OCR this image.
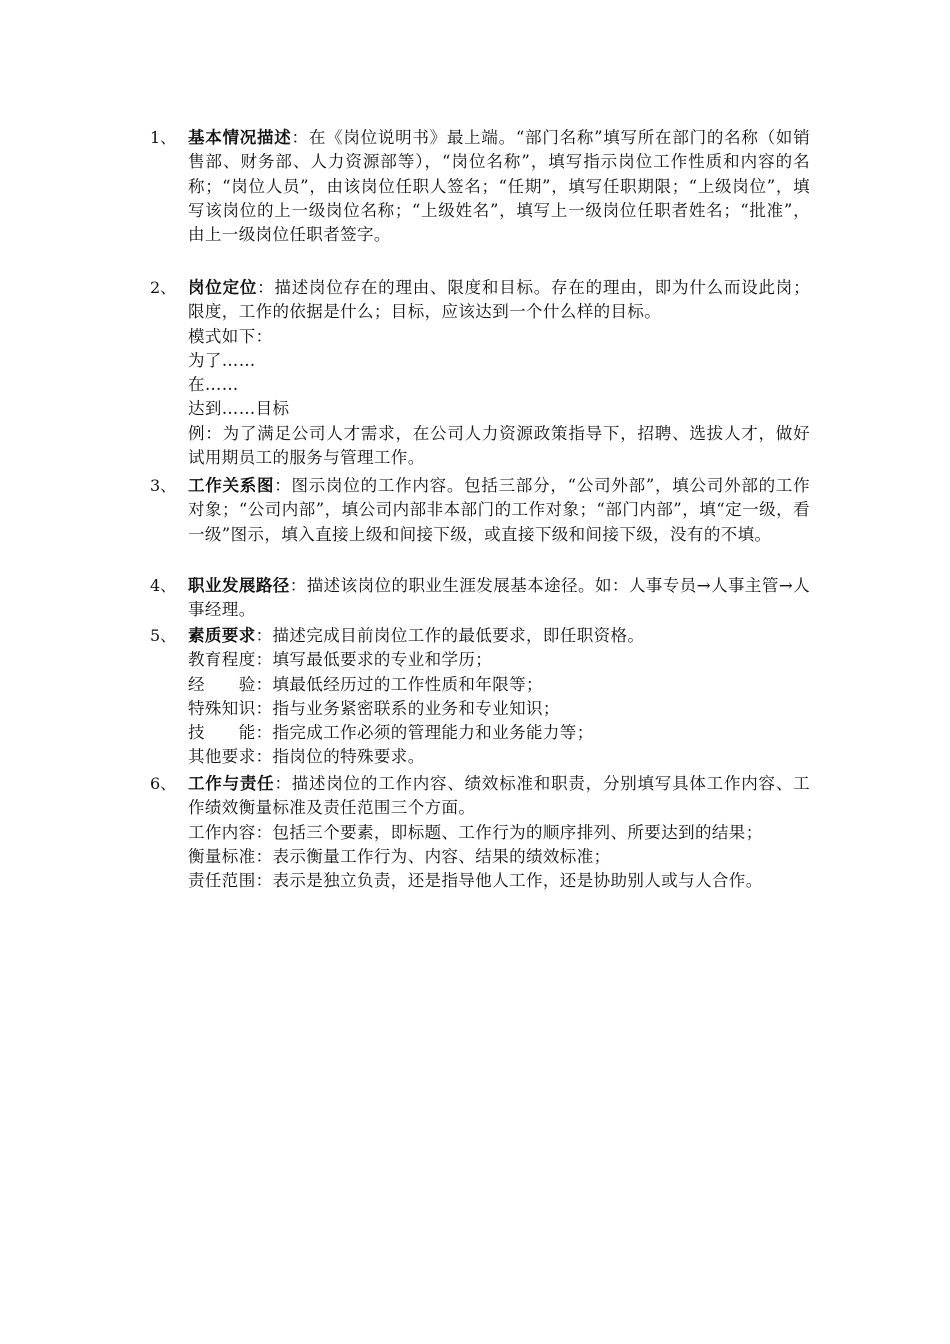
1、 基本情况描述：在《岗位说明书》最上端。“部门名称”填写所在部门的名称（如销售部、财务部、人力资源部等），“岗位名称”，填写指示岗位工作性质和内容的名称；“岗位人员”，由该岗位任职人签名；“任期”，填写任职期限；“上级岗位”，填写该岗位的上一级岗位名称；“上级姓名”，填写上一级岗位任职者姓名；“批准”，由上一级岗位任职者签字。
2、 岗位定位：描述岗位存在的理由、限度和目标。存在的理由，即为什么而设此岗；限度，工作的依据是什么；目标，应该达到一个什么样的目标。
模式如下：
为了……
在……
达到……目标
例：为了满足公司人才需求，在公司人力资源政策指导下，招聘、选拔人才，做好试用期员工的服务与管理工作。
3、 工作关系图：图示岗位的工作内容。包括三部分，“公司外部”，填公司外部的工作对象；“公司内部”，填公司内部非本部门的工作对象；“部门内部”，填“定一级，看一级”图示，填入直接上级和间接下级，或直接下级和间接下级，没有的不填。
4、 职业发展路径：描述该岗位的职业生涯发展基本途径。如：人事专员→人事主管→人事经理。
5、 素质要求：描述完成目前岗位工作的最低要求，即任职资格。
教育程度：填写最低要求的专业和学历；
经　　验：填最低经历过的工作性质和年限等；
特殊知识：指与业务紧密联系的业务和专业知识；
技　　能：指完成工作必须的管理能力和业务能力等；
其他要求：指岗位的特殊要求。
6、 工作与责任：描述岗位的工作内容、绩效标准和职责，分别填写具体工作内容、工作绩效衡量标准及责任范围三个方面。
工作内容：包括三个要素，即标题、工作行为的顺序排列、所要达到的结果；
衡量标准：表示衡量工作行为、内容、结果的绩效标准；
责任范围：表示是独立负责，还是指导他人工作，还是协助别人或与人合作。
